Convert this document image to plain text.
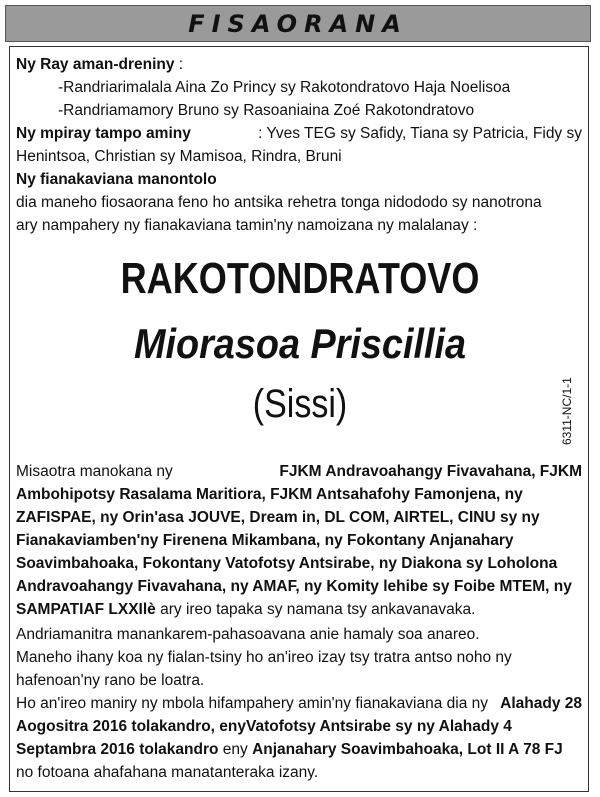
FISAORANA
Ny Ray aman-dreniny :
-Randriarimalala Aina Zo Princy sy Rakotondratovo Haja Noelisoa
-Randriamamory Bruno sy Rasoaniaina Zoé Rakotondratovo
Ny mpiray tampo aminy	: Yves TEG sy Safidy, Tiana sy Patricia, Fidy sy
Henintsoa, Christian sy Mamisoa, Rindra, Bruni
Ny fianakaviana manontolo
dia maneho fiosaorana feno ho antsika rehetra tonga nidododo sy nanotrona
ary nampahery ny fianakaviana tamin'ny namoizana ny malalanay :
RAKOTONDRATOVO
Miorasoa Priscillia
(Sissi)	6311-NC/1-1
Misaotra manokana ny	FJKM Andravoahangy Fivavahana, FJKM
Ambohipotsy Rasalama Maritiora, FJKM Antsahafohy Famonjena, ny
ZAFISPAE, ny Orin'asa JOUVE, Dream in, DL COM, AIRTEL, CINU sy ny
Fianakaviamben'ny Firenena Mikambana, ny Fokontany Anjanahary
Soavimbahoaka, Fokontany Vatofotsy Antsirabe, ny Diakona sy Loholona
Andravoahangy Fivavahana, ny AMAF, ny Komity lehibe sy Foibe MTEM, ny
SAMPATIAF LXXIlè ary ireo tapaka sy namana tsy ankavanavaka.
Andriamanitra manankarem-pahasoavana anie hamaly soa anareo.
Maneho ihany koa ny fialan-tsiny ho an'ireo izay tsy tratra antso noho ny
hafenoan'ny rano be loatra.
Ho an'ireo maniry ny mbola hifampahery amin'ny fianakaviana dia ny Alahady 28
Aogositra 2016 tolakandro, enyVatofotsy Antsirabe sy ny Alahady 4
Septambra 2016 tolakandro eny Anjanahary Soavimbahoaka, Lot II A 78 FJ
no fotoana ahafahana manatanteraka izany.
